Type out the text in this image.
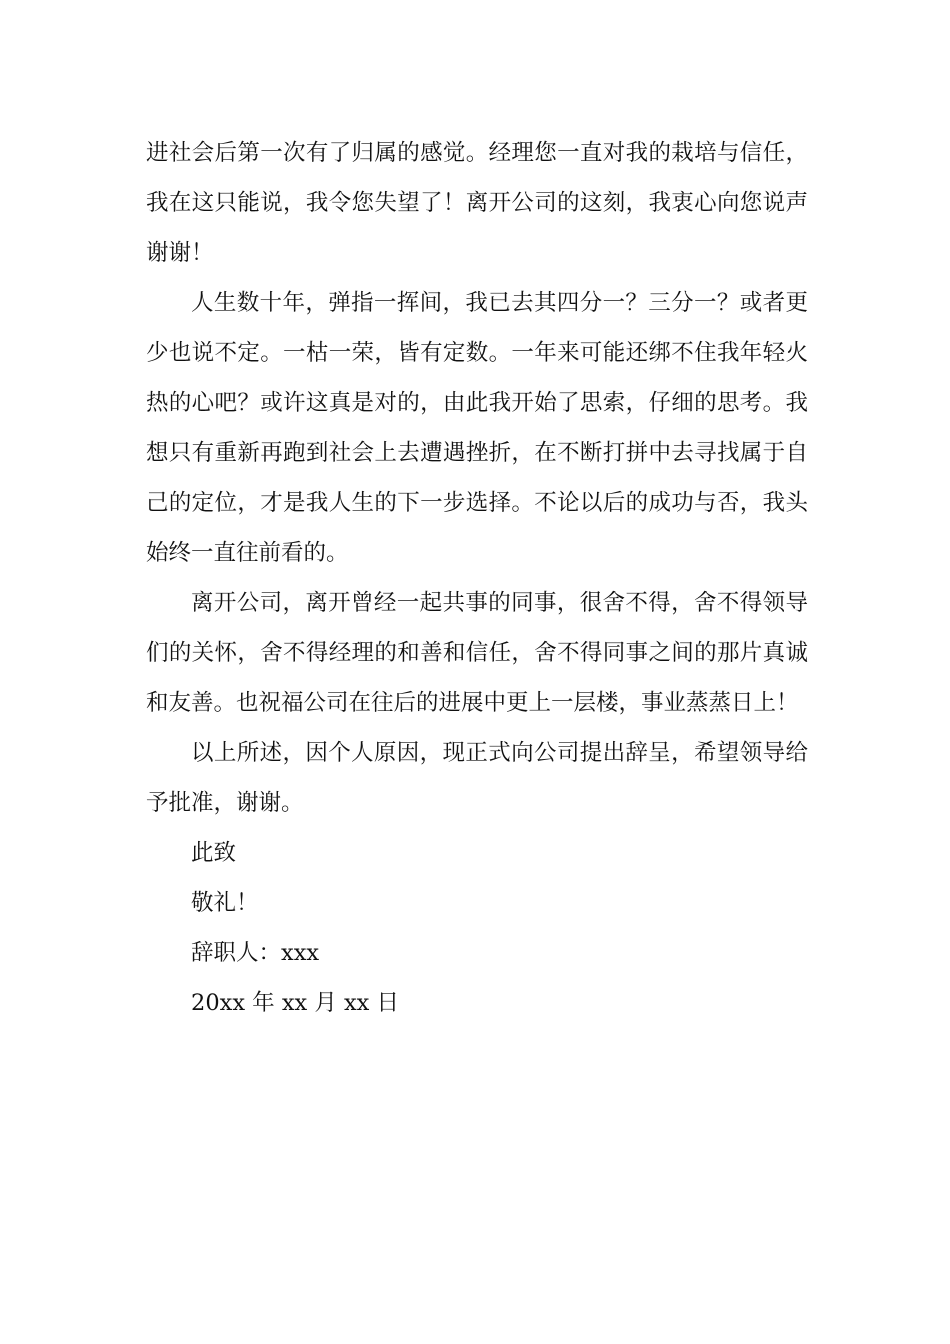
进社会后第一次有了归属的感觉。经理您一直对我的栽培与信任，我在这只能说，我令您失望了！离开公司的这刻，我衷心向您说声谢谢！

人生数十年，弹指一挥间，我已去其四分一？三分一？或者更少也说不定。一枯一荣，皆有定数。一年来可能还绑不住我年轻火热的心吧？或许这真是对的，由此我开始了思索，仔细的思考。我想只有重新再跑到社会上去遭遇挫折，在不断打拼中去寻找属于自己的定位，才是我人生的下一步选择。不论以后的成功与否，我头始终一直往前看的。

离开公司，离开曾经一起共事的同事，很舍不得，舍不得领导们的关怀，舍不得经理的和善和信任，舍不得同事之间的那片真诚和友善。也祝福公司在往后的进展中更上一层楼，事业蒸蒸日上！

以上所述，因个人原因，现正式向公司提出辞呈，希望领导给予批准，谢谢。

此致

敬礼！

辞职人：xxx

20xx 年 xx 月 xx 日
